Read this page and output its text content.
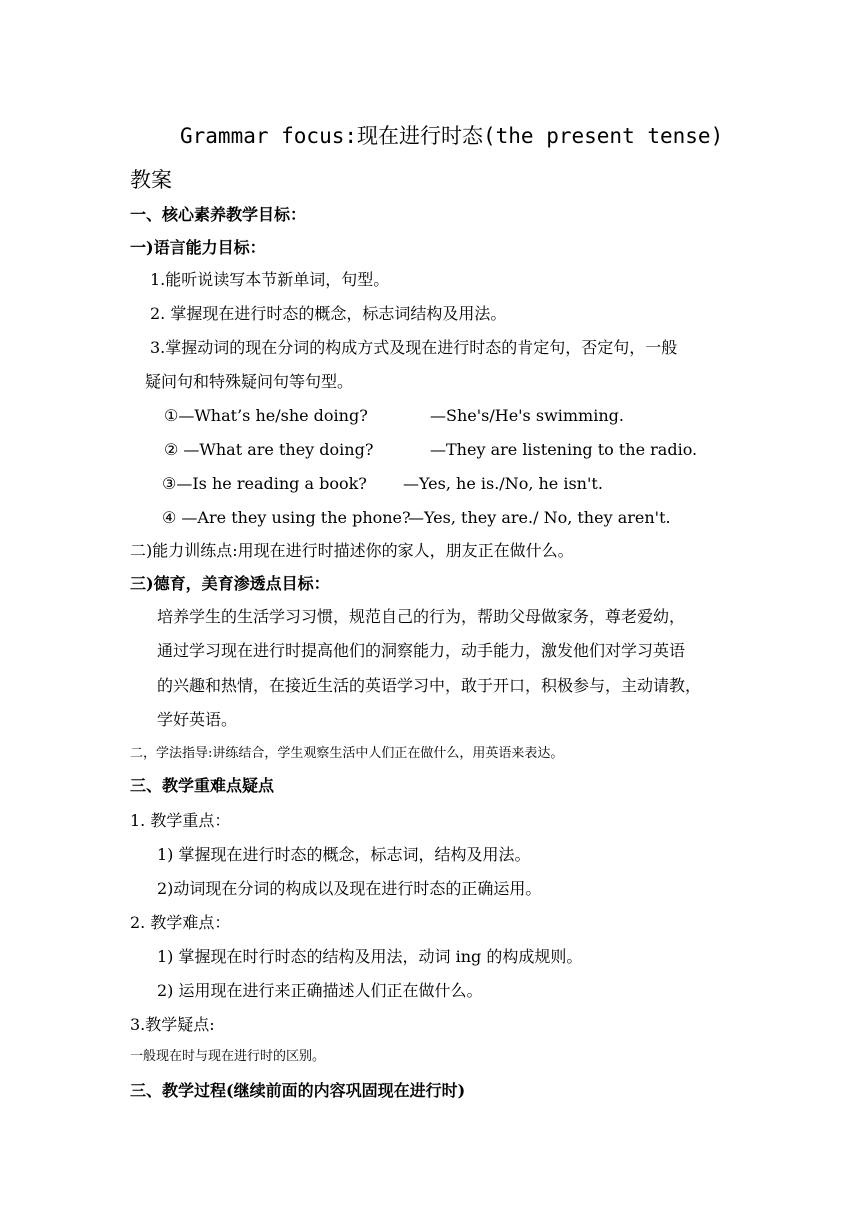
Grammar focus:现在进行时态(the present tense)教案
一、核心素养教学目标：
一)语言能力目标：
1.能听说读写本节新单词，句型。
2. 掌握现在进行时态的概念，标志词结构及用法。
3.掌握动词的现在分词的构成方式及现在进行时态的肯定句，否定句，一般
疑问句和特殊疑问句等句型。
①—What’s he/she doing?	—She's/He's swimming.
② —What are they doing?	—They are listening to the radio.
③—Is he reading a book? —Yes, he is./No, he isn't.
④ —Are they using the phone?
—Yes, they are./ No, they aren't.
二)能力训练点:用现在进行时描述你的家人，朋友正在做什么。
三)德育，美育渗透点目标：
培养学生的生活学习习惯，规范自己的行为，帮助父母做家务，尊老爱幼，
通过学习现在进行时提高他们的洞察能力，动手能力，激发他们对学习英语
的兴趣和热情，在接近生活的英语学习中，敢于开口，积极参与，主动请教，
学好英语。
二，学法指导:讲练结合，学生观察生活中人们正在做什么，用英语来表达。
三、教学重难点疑点
1. 教学重点：
1) 掌握现在进行时态的概念，标志词，结构及用法。
2)动词现在分词的构成以及现在进行时态的正确运用。
2. 教学难点：
1) 掌握现在时行时态的结构及用法，动词 ing 的构成规则。
2) 运用现在进行来正确描述人们正在做什么。
3.教学疑点:
一般现在时与现在进行时的区别。
三、教学过程(继续前面的内容巩固现在进行时)
